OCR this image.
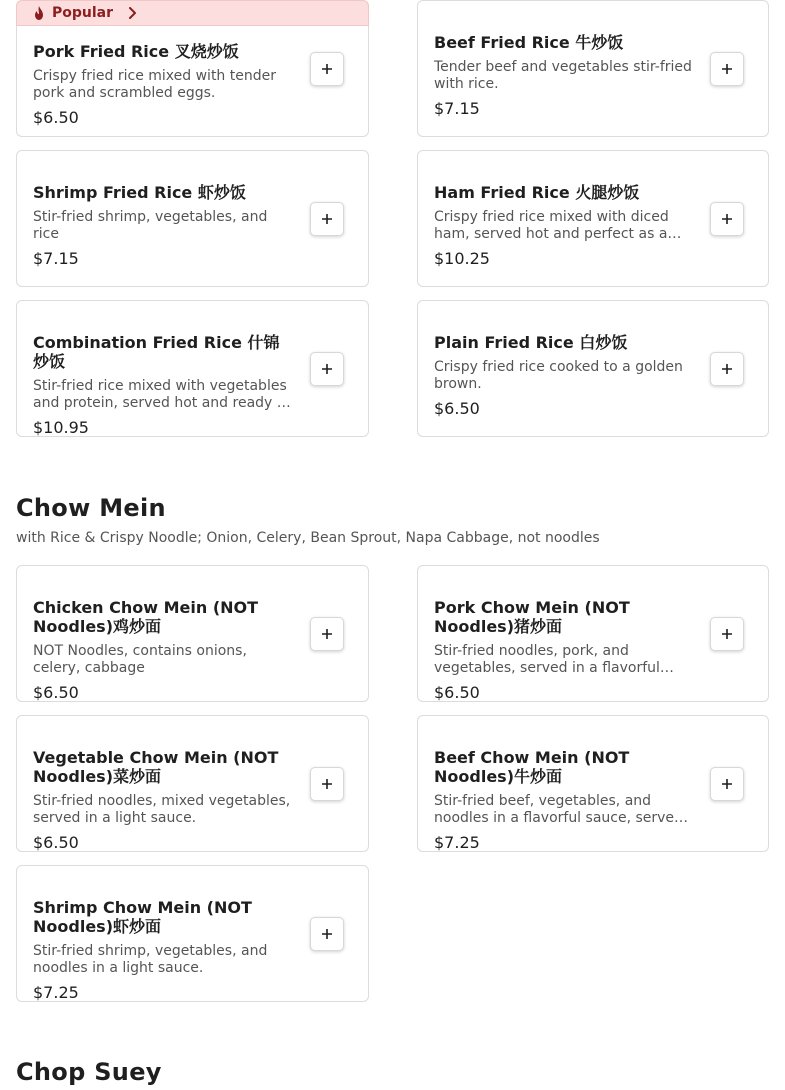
Popular
Pork Fried Rice 叉烧炒饭
Crispy fried rice mixed with tender pork and scrambled eggs.
$6.50
Beef Fried Rice 牛炒饭
Tender beef and vegetables stir-fried with rice.
$7.15
Shrimp Fried Rice 虾炒饭
Stir-fried shrimp, vegetables, and rice
$7.15
Ham Fried Rice 火腿炒饭
Crispy fried rice mixed with diced ham, served hot and perfect as a
$10.25
Combination Fried Rice 什锦炒饭
Stir-fried rice mixed with vegetables and protein, served hot and ready to
$10.95
Plain Fried Rice 白炒饭
Crispy fried rice cooked to a golden brown.
$6.50
Chow Mein
with Rice & Crispy Noodle; Onion, Celery, Bean Sprout, Napa Cabbage, not noodles
Chicken Chow Mein (NOT Noodles)鸡炒面
NOT Noodles, contains onions, celery, cabbage
$6.50
Pork Chow Mein (NOT Noodles)猪炒面
Stir-fried noodles, pork, and vegetables, served in a flavorful
$6.50
Vegetable Chow Mein (NOT Noodles)菜炒面
Stir-fried noodles, mixed vegetables, served in a light sauce.
$6.50
Beef Chow Mein (NOT Noodles)牛炒面
Stir-fried beef, vegetables, and noodles in a flavorful sauce, served
$7.25
Shrimp Chow Mein (NOT Noodles)虾炒面
Stir-fried shrimp, vegetables, and noodles in a light sauce.
$7.25
Chop Suey
